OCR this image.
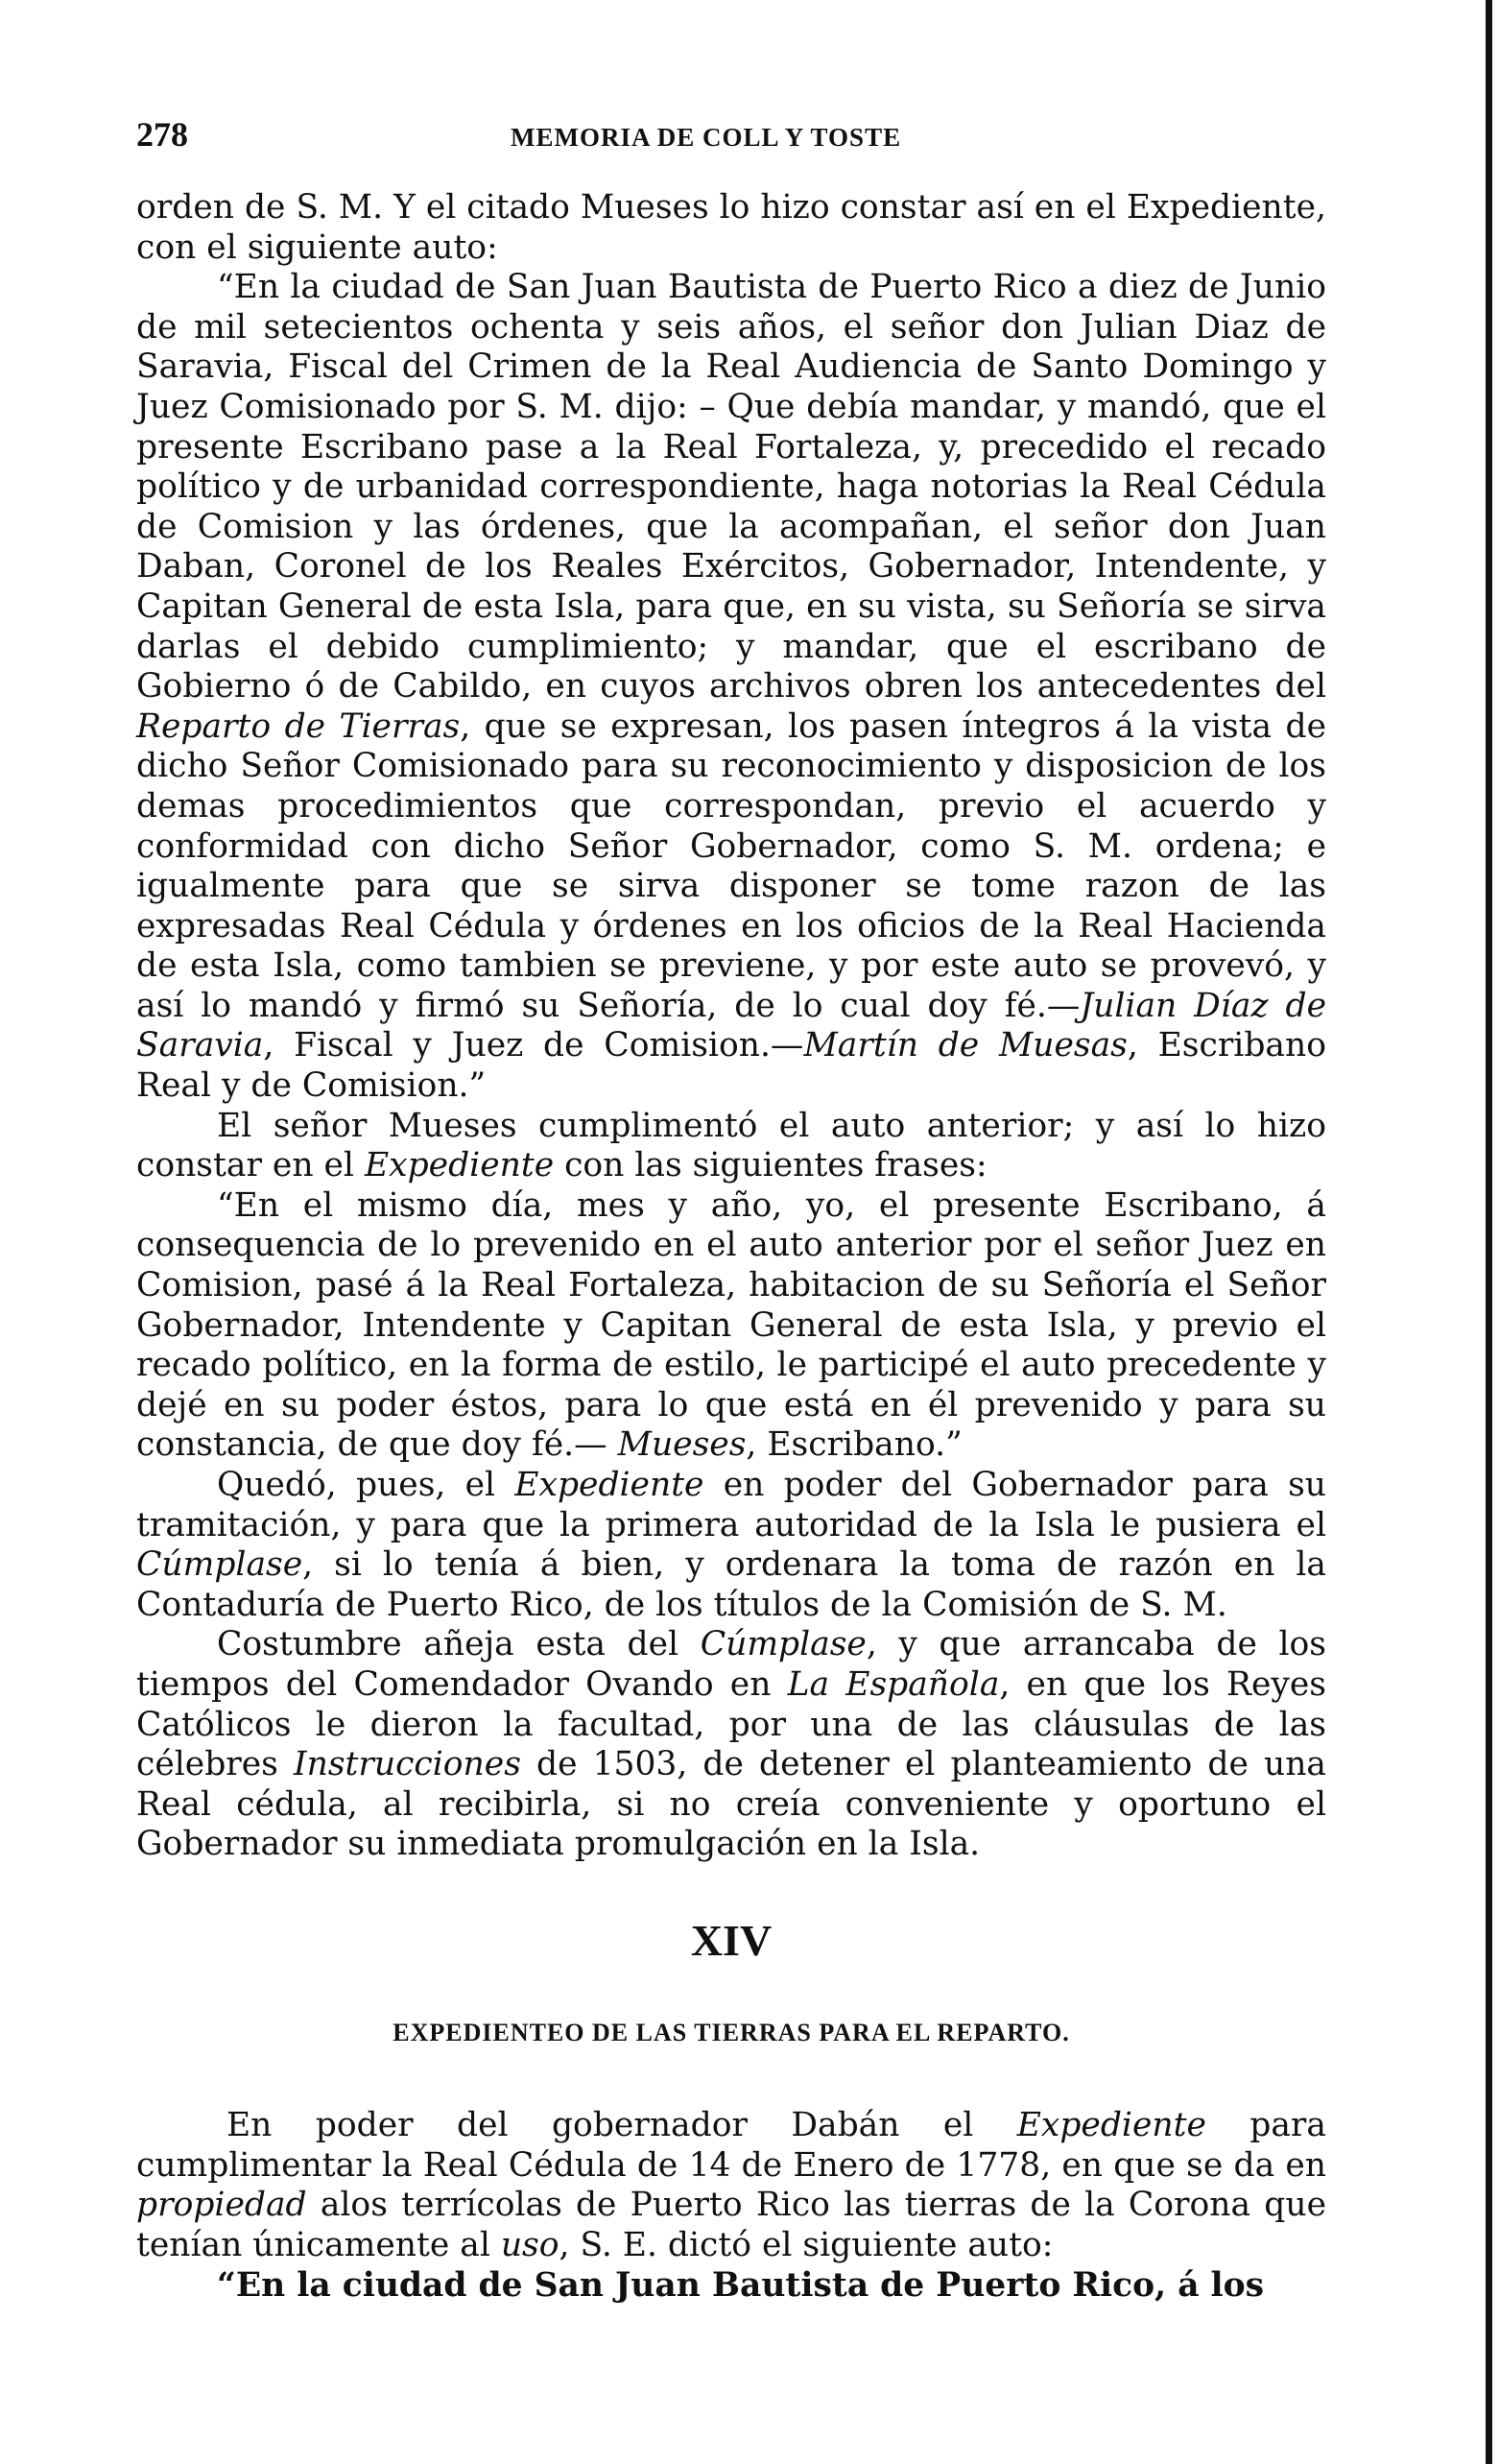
278	MEMORIA DE COLL Y TOSTE

orden de S. M. Y el citado Mueses lo hizo constar así en el Expediente, con el siguiente auto:

“En la ciudad de San Juan Bautista de Puerto Rico a diez de Junio de mil setecientos ochenta y seis años, el señor don Julian Diaz de Saravia, Fiscal del Crimen de la Real Audiencia de Santo Domingo y Juez Comisionado por S. M. dijo: – Que debía mandar, y mandó, que el presente Escribano pase a la Real Fortaleza, y, precedido el recado político y de urbanidad correspondiente, haga notorias la Real Cédula de Comision y las órdenes, que la acompañan, el señor don Juan Daban, Coronel de los Reales Exércitos, Gobernador, Intendente, y Capitan General de esta Isla, para que, en su vista, su Señoría se sirva darlas el debido cumplimiento; y mandar, que el escribano de Gobierno ó de Cabildo, en cuyos archivos obren los antecedentes del Reparto de Tierras, que se expresan, los pasen íntegros á la vista de dicho Señor Comisionado para su reconocimiento y disposicion de los demas procedimientos que correspondan, previo el acuerdo y conformidad con dicho Señor Gobernador, como S. M. ordena; e igualmente para que se sirva disponer se tome razon de las expresadas Real Cédula y órdenes en los oficios de la Real Hacienda de esta Isla, como tambien se previene, y por este auto se provevó, y así lo mandó y firmó su Señoría, de lo cual doy fé.—Julian Díaz de Saravia, Fiscal y Juez de Comision.—Martín de Muesas, Escribano Real y de Comision.”

El señor Mueses cumplimentó el auto anterior; y así lo hizo constar en el Expediente con las siguientes frases:

“En el mismo día, mes y año, yo, el presente Escribano, á consequencia de lo prevenido en el auto anterior por el señor Juez en Comision, pasé á la Real Fortaleza, habitacion de su Señoría el Señor Gobernador, Intendente y Capitan General de esta Isla, y previo el recado político, en la forma de estilo, le participé el auto precedente y dejé en su poder éstos, para lo que está en él prevenido y para su constancia, de que doy fé.— Mueses, Escribano.”

Quedó, pues, el Expediente en poder del Gobernador para su tramitación, y para que la primera autoridad de la Isla le pusiera el Cúmplase, si lo tenía á bien, y ordenara la toma de razón en la Contaduría de Puerto Rico, de los títulos de la Comisión de S. M.

Costumbre añeja esta del Cúmplase, y que arrancaba de los tiempos del Comendador Ovando en La Española, en que los Reyes Católicos le dieron la facultad, por una de las cláusulas de las célebres Instrucciones de 1503, de detener el planteamiento de una Real cédula, al recibirla, si no creía conveniente y oportuno el Gobernador su inmediata promulgación en la Isla.

XIV
EXPEDIENTEO DE LAS TIERRAS PARA EL REPARTO.

En poder del gobernador Dabán el Expediente para cumplimentar la Real Cédula de 14 de Enero de 1778, en que se da en propiedad alos terrícolas de Puerto Rico las tierras de la Corona que tenían únicamente al uso, S. E. dictó el siguiente auto:

“En la ciudad de San Juan Bautista de Puerto Rico, á los
